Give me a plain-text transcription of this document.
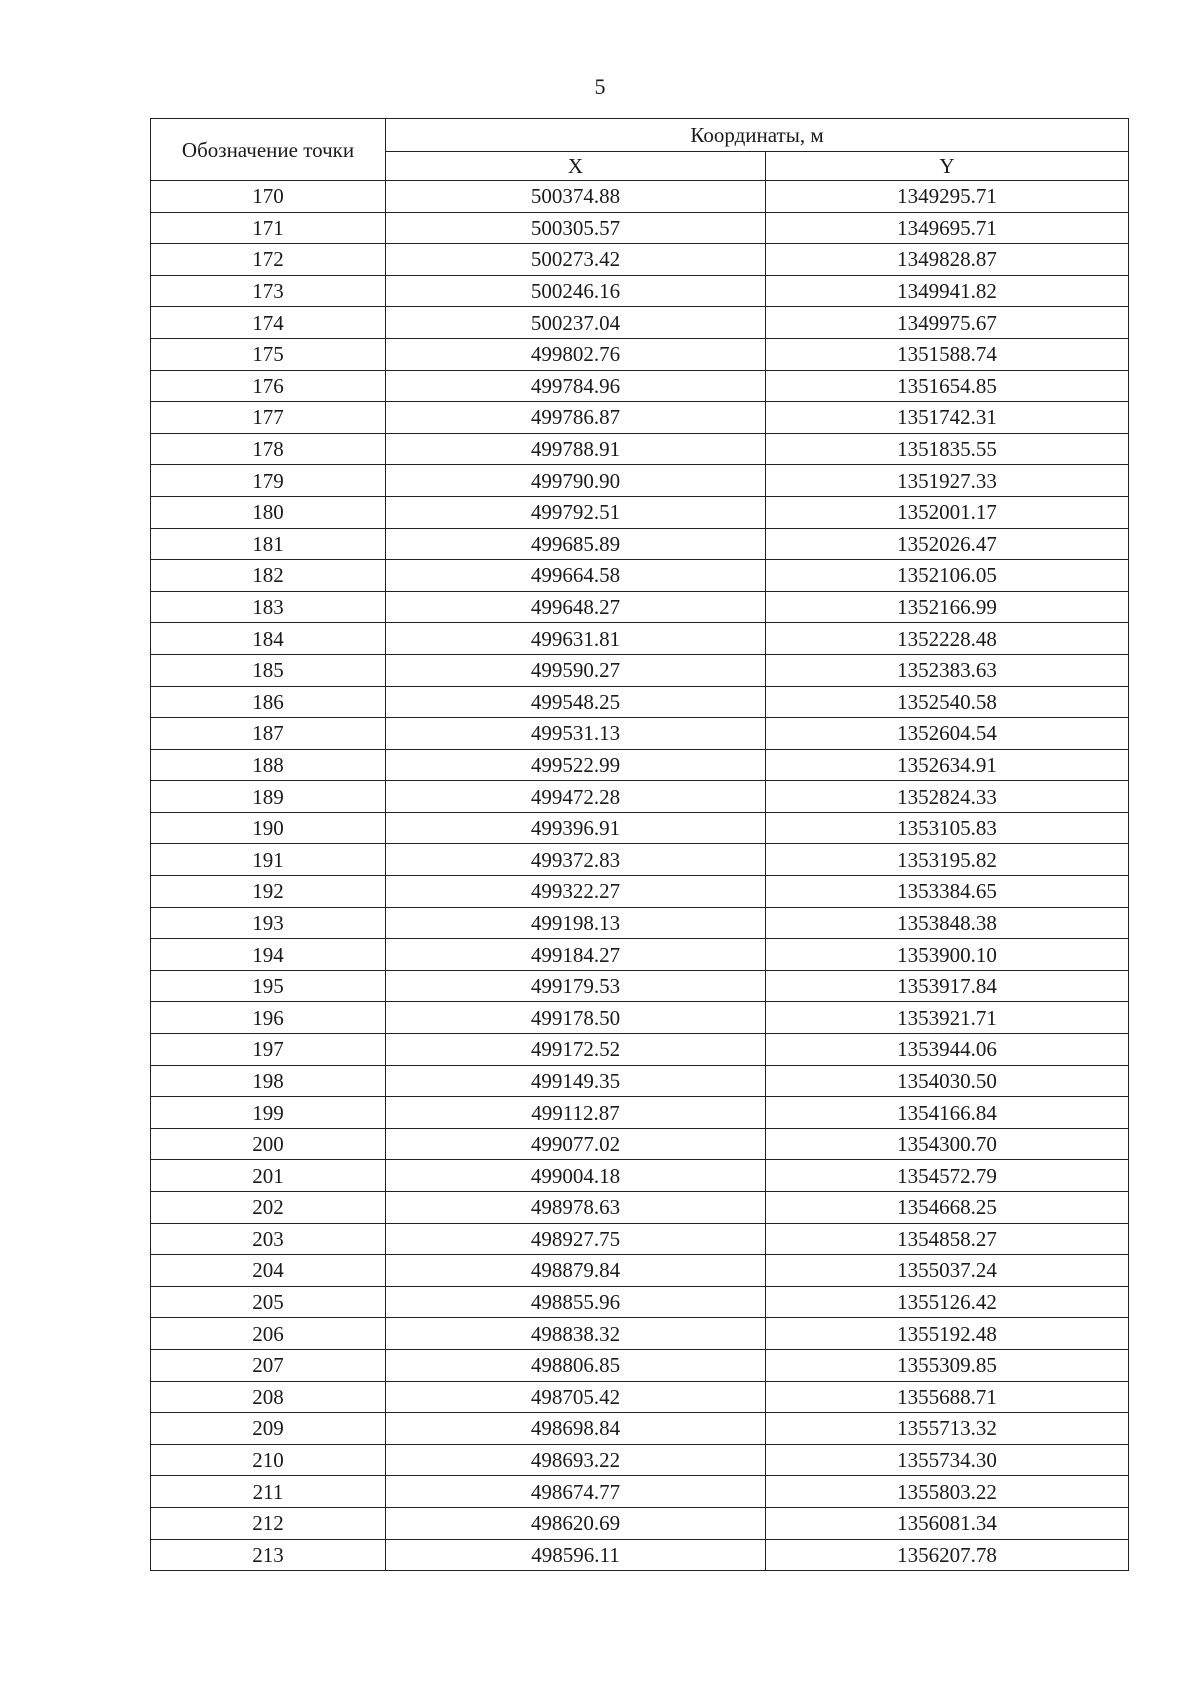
5
Обозначение точки	Координаты, м	
	X	Y
170	500374.88	1349295.71
171	500305.57	1349695.71
172	500273.42	1349828.87
173	500246.16	1349941.82
174	500237.04	1349975.67
175	499802.76	1351588.74
176	499784.96	1351654.85
177	499786.87	1351742.31
178	499788.91	1351835.55
179	499790.90	1351927.33
180	499792.51	1352001.17
181	499685.89	1352026.47
182	499664.58	1352106.05
183	499648.27	1352166.99
184	499631.81	1352228.48
185	499590.27	1352383.63
186	499548.25	1352540.58
187	499531.13	1352604.54
188	499522.99	1352634.91
189	499472.28	1352824.33
190	499396.91	1353105.83
191	499372.83	1353195.82
192	499322.27	1353384.65
193	499198.13	1353848.38
194	499184.27	1353900.10
195	499179.53	1353917.84
196	499178.50	1353921.71
197	499172.52	1353944.06
198	499149.35	1354030.50
199	499112.87	1354166.84
200	499077.02	1354300.70
201	499004.18	1354572.79
202	498978.63	1354668.25
203	498927.75	1354858.27
204	498879.84	1355037.24
205	498855.96	1355126.42
206	498838.32	1355192.48
207	498806.85	1355309.85
208	498705.42	1355688.71
209	498698.84	1355713.32
210	498693.22	1355734.30
211	498674.77	1355803.22
212	498620.69	1356081.34
213	498596.11	1356207.78
